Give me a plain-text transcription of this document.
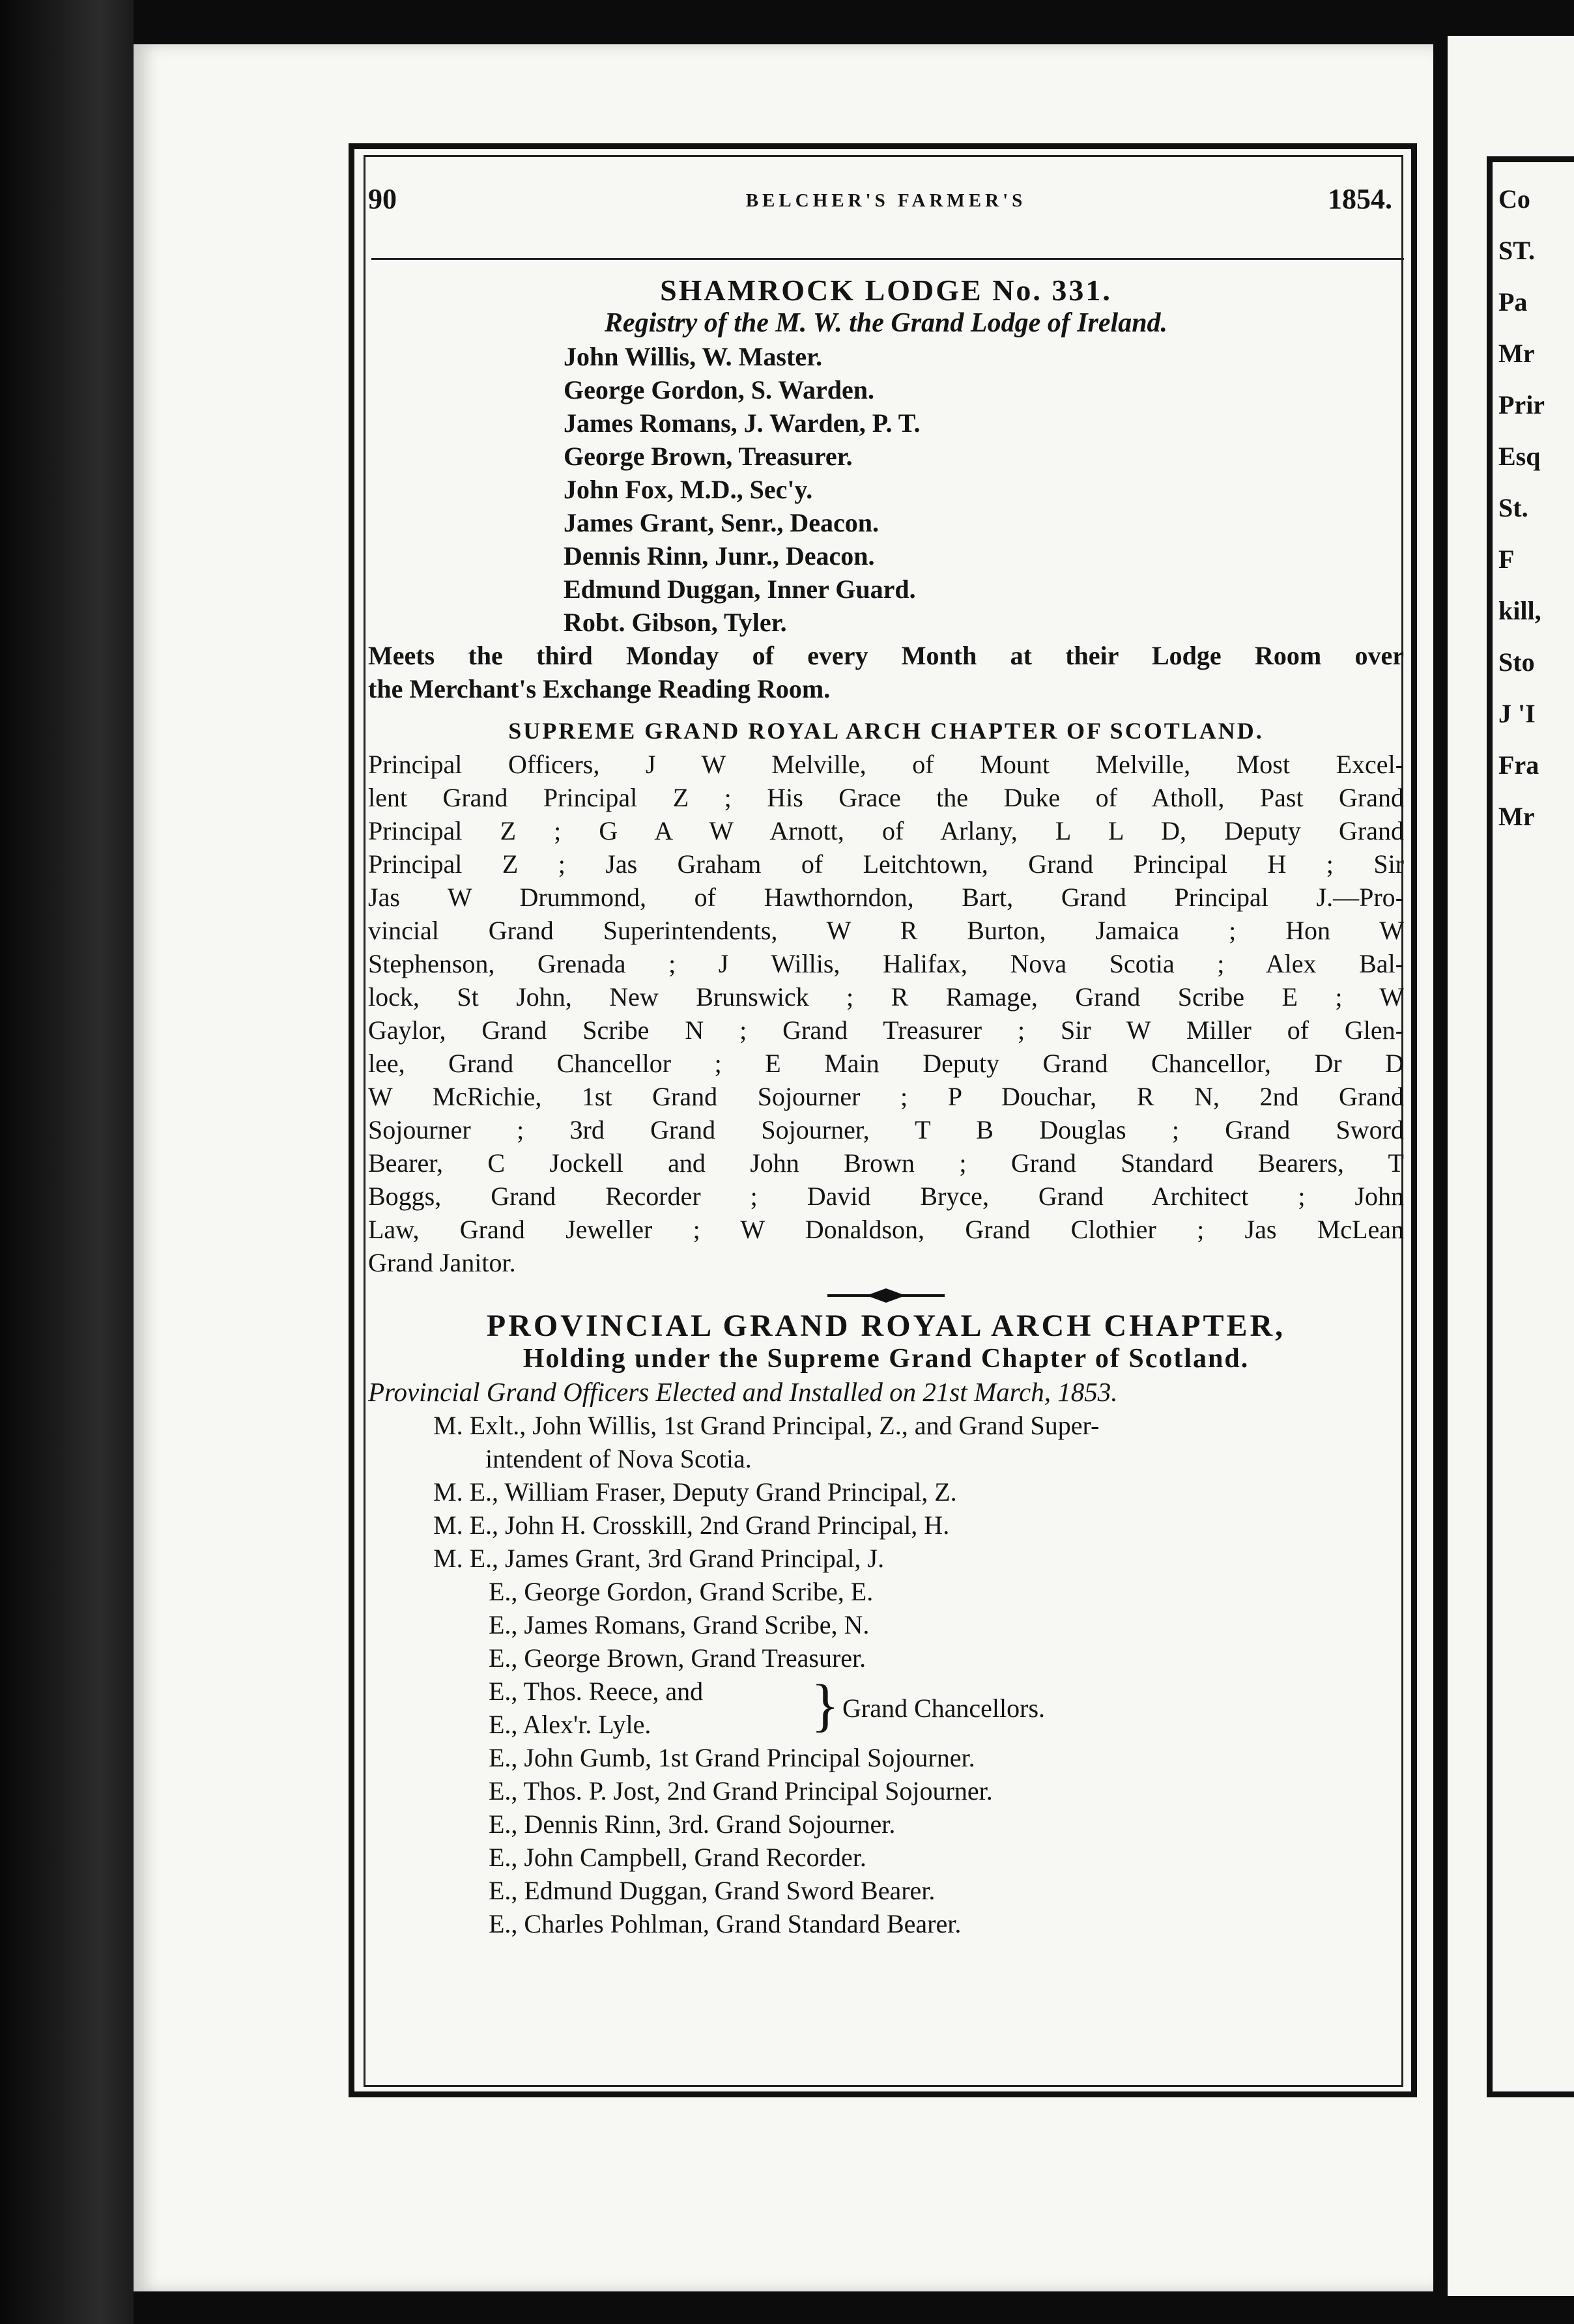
90	BELCHER'S FARMER'S	1854.
SHAMROCK LODGE No. 331.
Registry of the M. W. the Grand Lodge of Ireland.
John Willis, W. Master.
George Gordon, S. Warden.
James Romans, J. Warden, P. T.
George Brown, Treasurer.
John Fox, M.D., Sec'y.
James Grant, Senr., Deacon.
Dennis Rinn, Junr., Deacon.
Edmund Duggan, Inner Guard.
Robt. Gibson, Tyler.
Meets the third Monday of every Month at their Lodge Room over
the Merchant's Exchange Reading Room.
SUPREME GRAND ROYAL ARCH CHAPTER OF SCOTLAND.
Principal Officers, J W Melville, of Mount Melville, Most Excel-
lent Grand Principal Z ; His Grace the Duke of Atholl, Past Grand
Principal Z ; G A W Arnott, of Arlany, L L D, Deputy Grand
Principal Z ; Jas Graham of Leitchtown, Grand Principal H ; Sir
Jas W Drummond, of Hawthorndon, Bart, Grand Principal J.—Pro-
vincial Grand Superintendents, W R Burton, Jamaica ; Hon W
Stephenson, Grenada ; J Willis, Halifax, Nova Scotia ; Alex Bal-
lock, St John, New Brunswick ; R Ramage, Grand Scribe E ; W
Gaylor, Grand Scribe N ; Grand Treasurer ; Sir W Miller of Glen-
lee, Grand Chancellor ; E Main Deputy Grand Chancellor, Dr D
W McRichie, 1st Grand Sojourner ; P Douchar, R N, 2nd Grand
Sojourner ; 3rd Grand Sojourner, T B Douglas ; Grand Sword
Bearer, C Jockell and John Brown ; Grand Standard Bearers, T
Boggs, Grand Recorder ; David Bryce, Grand Architect ; John
Law, Grand Jeweller ; W Donaldson, Grand Clothier ; Jas McLean
Grand Janitor.
PROVINCIAL GRAND ROYAL ARCH CHAPTER,
Holding under the Supreme Grand Chapter of Scotland.
Provincial Grand Officers Elected and Installed on 21st March, 1853.
M. Exlt., John Willis, 1st Grand Principal, Z., and Grand Super-
intendent of Nova Scotia.
M. E., William Fraser, Deputy Grand Principal, Z.
M. E., John H. Crosskill, 2nd Grand Principal, H.
M. E., James Grant, 3rd Grand Principal, J.
E., George Gordon, Grand Scribe, E.
E., James Romans, Grand Scribe, N.
E., George Brown, Grand Treasurer.
E., Thos. Reece, and
E., Alex'r. Lyle.	} Grand Chancellors.
E., John Gumb, 1st Grand Principal Sojourner.
E., Thos. P. Jost, 2nd Grand Principal Sojourner.
E., Dennis Rinn, 3rd. Grand Sojourner.
E., John Campbell, Grand Recorder.
E., Edmund Duggan, Grand Sword Bearer.
E., Charles Pohlman, Grand Standard Bearer.
Co
ST.
Pa
Mr
Prir
Esq
St.
F
kill,
Sto
J 'I
Fra
Mr
